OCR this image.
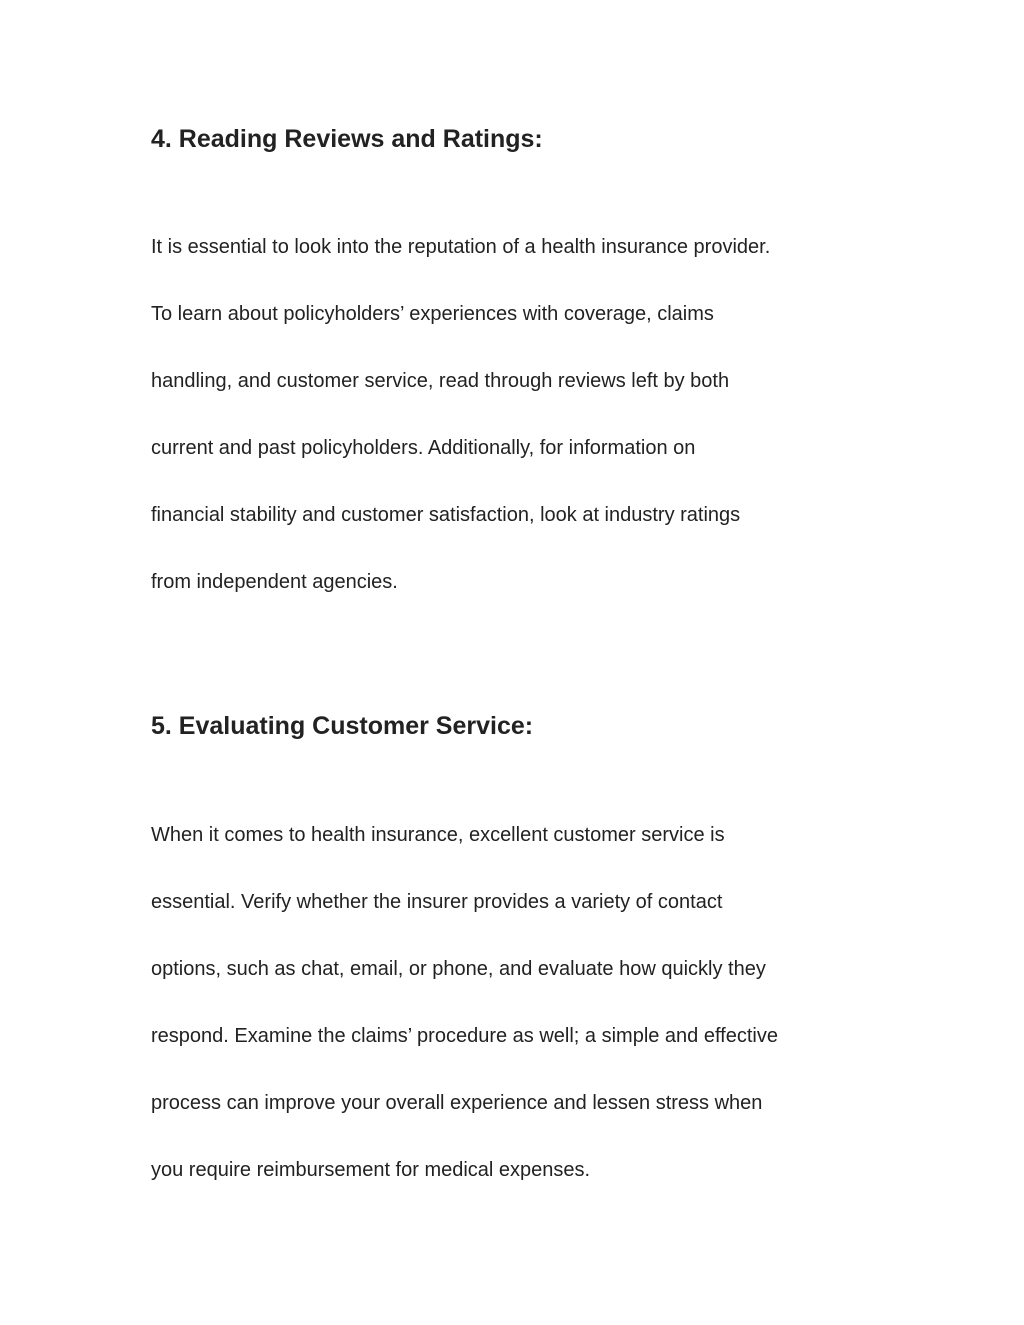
4. Reading Reviews and Ratings:
It is essential to look into the reputation of a health insurance provider.
To learn about policyholders’ experiences with coverage, claims
handling, and customer service, read through reviews left by both
current and past policyholders. Additionally, for information on
financial stability and customer satisfaction, look at industry ratings
from independent agencies.
5. Evaluating Customer Service:
When it comes to health insurance, excellent customer service is
essential. Verify whether the insurer provides a variety of contact
options, such as chat, email, or phone, and evaluate how quickly they
respond. Examine the claims’ procedure as well; a simple and effective
process can improve your overall experience and lessen stress when
you require reimbursement for medical expenses.
